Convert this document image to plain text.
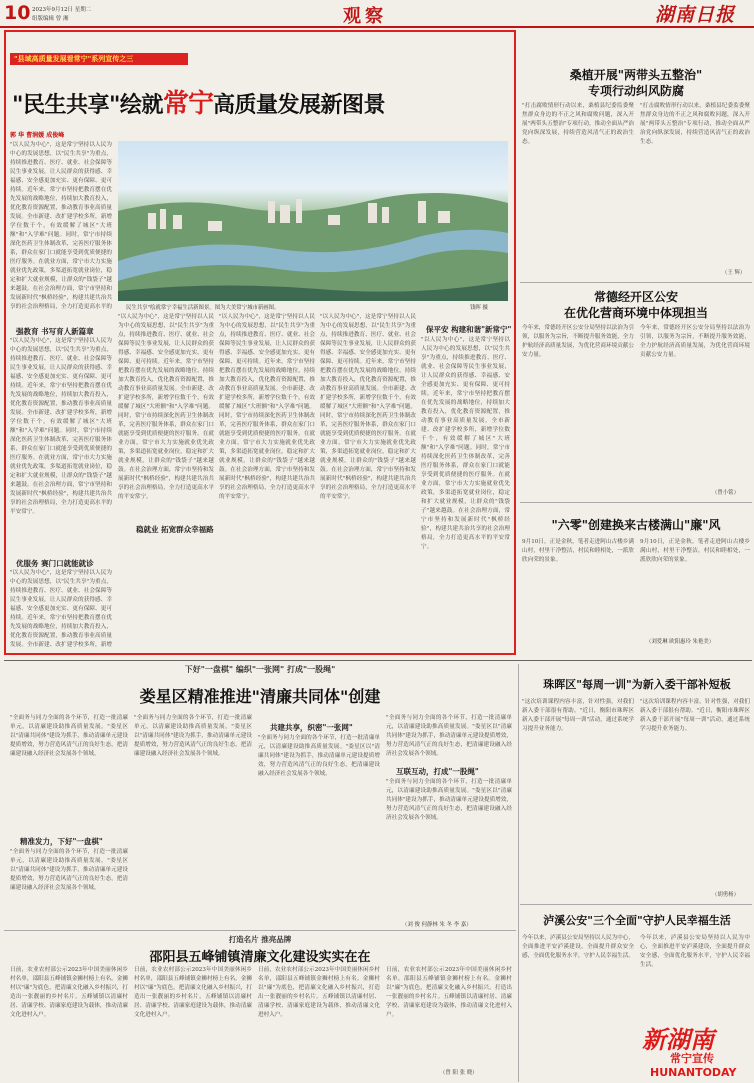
10 2023年9月12日 星期二
组版编辑 曾 湘	观察	湖南日报
"县域高质量发展看常宁"系列宣传之三
"民生共享"绘就常宁高质量发展新图景
郭 华 曹润媛 成俊峰
民生共享"绘就常宁幸福生活新图景。图为大美常宁城市新画图。	钱晖 摄
"以人民为中心"，这是常宁坚持以人民为中心的发展思想，以"民生共享"为重点，持续推进教育、医疗、就业、社会保障等民生事业发展，让人民群众的获得感、幸福感、安全感更加充实、更有保障、更可持续。近年来，常宁市坚持把教育摆在优先发展的战略地位，持续加大教育投入，优化教育资源配置，推动教育事业高质量发展。全市新建、改扩建学校多所，新增学位数千个，有效缓解了城区"大班额"和"入学难"问题。同时，常宁市持续深化医药卫生体制改革，完善医疗服务体系，群众在家门口就能享受到优质便捷的医疗服务。在就业方面，常宁市大力实施就业优先政策，多渠道拓宽就业岗位，稳定和扩大就业规模，让群众的"钱袋子"越来越鼓。在社会治理方面，常宁市坚持和发展新时代"枫桥经验"，构建共建共治共享的社会治理格局，全力打造更高水平的
强教育 书写育人新篇章
"以人民为中心"，这是常宁坚持以人民为中心的发展思想，以"民生共享"为重点，持续推进教育、医疗、就业、社会保障等民生事业发展，让人民群众的获得感、幸福感、安全感更加充实、更有保障、更可持续。近年来，常宁市坚持把教育摆在优先发展的战略地位，持续加大教育投入，优化教育资源配置，推动教育事业高质量发展。全市新建、改扩建学校多所，新增学位数千个，有效缓解了城区"大班额"和"入学难"问题。同时，常宁市持续深化医药卫生体制改革，完善医疗服务体系，群众在家门口就能享受到优质便捷的医疗服务。在就业方面，常宁市大力实施就业优先政策，多渠道拓宽就业岗位，稳定和扩大就业规模，让群众的"钱袋子"越来越鼓。在社会治理方面，常宁市坚持和发展新时代"枫桥经验"，构建共建共治共享的社会治理格局，全力打造更高水平的平安常宁。
优服务 赛门口就能就诊
"以人民为中心"，这是常宁坚持以人民为中心的发展思想，以"民生共享"为重点，持续推进教育、医疗、就业、社会保障等民生事业发展，让人民群众的获得感、幸福感、安全感更加充实、更有保障、更可持续。近年来，常宁市坚持把教育摆在优先发展的战略地位，持续加大教育投入，优化教育资源配置，推动教育事业高质量发展。全市新建、改扩建学校多所，新增
"以人民为中心"，这是常宁坚持以人民为中心的发展思想，以"民生共享"为重点，持续推进教育、医疗、就业、社会保障等民生事业发展，让人民群众的获得感、幸福感、安全感更加充实、更有保障、更可持续。近年来，常宁市坚持把教育摆在优先发展的战略地位，持续加大教育投入，优化教育资源配置，推动教育事业高质量发展。全市新建、改扩建学校多所，新增学位数千个，有效缓解了城区"大班额"和"入学难"问题。同时，常宁市持续深化医药卫生体制改革，完善医疗服务体系，群众在家门口就能享受到优质便捷的医疗服务。在就业方面，常宁市大力实施就业优先政策，多渠道拓宽就业岗位，稳定和扩大就业规模，让群众的"钱袋子"越来越鼓。在社会治理方面，常宁市坚持和发展新时代"枫桥经验"，构建共建共治共享的社会治理格局，全力打造更高水平的平安常宁。
"以人民为中心"，这是常宁坚持以人民为中心的发展思想，以"民生共享"为重点，持续推进教育、医疗、就业、社会保障等民生事业发展，让人民群众的获得感、幸福感、安全感更加充实、更有保障、更可持续。近年来，常宁市坚持把教育摆在优先发展的战略地位，持续加大教育投入，优化教育资源配置，推动教育事业高质量发展。全市新建、改扩建学校多所，新增学位数千个，有效缓解了城区"大班额"和"入学难"问题。同时，常宁市持续深化医药卫生体制改革，完善医疗服务体系，群众在家门口就能享受到优质便捷的医疗服务。在就业方面，常宁市大力实施就业优先政策，多渠道拓宽就业岗位，稳定和扩大就业规模，让群众的"钱袋子"越来越鼓。在社会治理方面，常宁市坚持和发展新时代"枫桥经验"，构建共建共治共享的社会治理格局，全力打造更高水平的平安常宁。
稳就业 拓宽群众幸福路
"以人民为中心"，这是常宁坚持以人民为中心的发展思想，以"民生共享"为重点，持续推进教育、医疗、就业、社会保障等民生事业发展，让人民群众的获得感、幸福感、安全感更加充实、更有保障、更可持续。近年来，常宁市坚持把教育摆在优先发展的战略地位，持续加大教育投入，优化教育资源配置，推动教育事业高质量发展。全市新建、改扩建学校多所，新增学位数千个，有效缓解了城区"大班额"和"入学难"问题。同时，常宁市持续深化医药卫生体制改革，完善医疗服务体系，群众在家门口就能享受到优质便捷的医疗服务。在就业方面，常宁市大力实施就业优先政策，多渠道拓宽就业岗位，稳定和扩大就业规模，让群众的"钱袋子"越来越鼓。在社会治理方面，常宁市坚持和发展新时代"枫桥经验"，构建共建共治共享的社会治理格局，全力打造更高水平的平安常宁。
保平安 构建和谐"新常宁"
"以人民为中心"，这是常宁坚持以人民为中心的发展思想，以"民生共享"为重点，持续推进教育、医疗、就业、社会保障等民生事业发展，让人民群众的获得感、幸福感、安全感更加充实、更有保障、更可持续。近年来，常宁市坚持把教育摆在优先发展的战略地位，持续加大教育投入，优化教育资源配置，推动教育事业高质量发展。全市新建、改扩建学校多所，新增学位数千个，有效缓解了城区"大班额"和"入学难"问题。同时，常宁市持续深化医药卫生体制改革，完善医疗服务体系，群众在家门口就能享受到优质便捷的医疗服务。在就业方面，常宁市大力实施就业优先政策，多渠道拓宽就业岗位，稳定和扩大就业规模，让群众的"钱袋子"越来越鼓。在社会治理方面，常宁市坚持和发展新时代"枫桥经验"，构建共建共治共享的社会治理格局，全力打造更高水平的平安常宁。
桑植开展"两带头五整治"
专项行动纠风防腐
"打击腐败情形行动以来，桑植县纪委监委聚焦群众身边的不正之风和腐败问题，深入开展"两带头五整治"专项行动，推动全面从严治党向纵深发展，持续营造风清气正的政治生态。
"打击腐败情形行动以来，桑植县纪委监委聚焦群众身边的不正之风和腐败问题，深入开展"两带头五整治"专项行动，推动全面从严治党向纵深发展，持续营造风清气正的政治生态。
（王 辉）
常德经开区公安
在优化营商环境中体现担当
今年来，常德经开区公安分局坚持以法治为引领，以服务为宗旨，不断提升服务效能，全力护航经济高质量发展，为优化营商环境贡献公安力量。
今年来，常德经开区公安分局坚持以法治为引领，以服务为宗旨，不断提升服务效能，全力护航经济高质量发展，为优化营商环境贡献公安力量。
（曾小铭）
"六零"创建换来古楼满山"廉"风
9月10日，正是金秋，笔者走进阿山古楼乡满山村，村里干净整洁，村民和睦相处，一派欣欣向荣的景象。
9月10日，正是金秋，笔者走进阿山古楼乡满山村，村里干净整洁，村民和睦相处，一派欣欣向荣的景象。
（刘爱琳 欧阳惠玲 朱艳美）
下好"一盘棋" 编织"一张网" 打成"一股绳"
娄星区精准推进"清廉共同体"创建
"全面务与同力全面的各个环节，打造一批清廉单元，以清廉建设助推高质量发展。"娄星区以"清廉共同体"建设为抓手，推动清廉单元建设提质增效，努力营造风清气正的良好生态，把清廉建设融入经济社会发展各个领域。
精准发力，下好"一盘棋"
"全面务与同力全面的各个环节，打造一批清廉单元，以清廉建设助推高质量发展。"娄星区以"清廉共同体"建设为抓手，推动清廉单元建设提质增效，努力营造风清气正的良好生态，把清廉建设融入经济社会发展各个领域。
"全面务与同力全面的各个环节，打造一批清廉单元，以清廉建设助推高质量发展。"娄星区以"清廉共同体"建设为抓手，推动清廉单元建设提质增效，努力营造风清气正的良好生态，把清廉建设融入经济社会发展各个领域。
共建共享，织密"一张网"
"全面务与同力全面的各个环节，打造一批清廉单元，以清廉建设助推高质量发展。"娄星区以"清廉共同体"建设为抓手，推动清廉单元建设提质增效，努力营造风清气正的良好生态，把清廉建设融入经济社会发展各个领域。	互联互动，打成"一股绳"
"全面务与同力全面的各个环节，打造一批清廉单元，以清廉建设助推高质量发展。"娄星区以"清廉共同体"建设为抓手，推动清廉单元建设提质增效，努力营造风清气正的良好生态，把清廉建设融入经济社会发展各个领域。
"全面务与同力全面的各个环节，打造一批清廉单元，以清廉建设助推高质量发展。"娄星区以"清廉共同体"建设为抓手，推动清廉单元建设提质增效，努力营造风清气正的良好生态，把清廉建设融入经济社会发展各个领域。
（刘 俊 何静林 朱 冬 李 嘉）
珠晖区"每周一训"为新入委干部补短板
"这次培训课程内容丰富，针对性强，对我们新入委干部很有帮助。"近日，衡阳市珠晖区新入委干部开展"每周一训"活动，通过系统学习提升业务能力。
"这次培训课程内容丰富，针对性强，对我们新入委干部很有帮助。"近日，衡阳市珠晖区新入委干部开展"每周一训"活动，通过系统学习提升业务能力。
（胡勇杨）
泸溪公安"三个全面"守护人民幸福生活
今年以来，泸溪县公安局坚持以人民为中心，全面推进平安泸溪建设，全面提升群众安全感，全面优化服务水平，守护人民幸福生活。
今年以来，泸溪县公安局坚持以人民为中心，全面推进平安泸溪建设，全面提升群众安全感，全面优化服务水平，守护人民幸福生活。
打造名片 推亮品牌
邵阳县五峰铺镇清廉文化建设实实在在
日前，农业农村部公示2023年中国美丽休闲乡村名单，邵阳县五峰铺镇金狮村榜上有名。金狮村以"廉"为底色，把清廉文化融入乡村振兴，打造出一张靓丽的乡村名片。五峰铺镇以清廉村居、清廉学校、清廉家庭建设为载体，推动清廉文化进村入户。
日前，农业农村部公示2023年中国美丽休闲乡村名单，邵阳县五峰铺镇金狮村榜上有名。金狮村以"廉"为底色，把清廉文化融入乡村振兴，打造出一张靓丽的乡村名片。五峰铺镇以清廉村居、清廉学校、清廉家庭建设为载体，推动清廉文化进村入户。
日前，农业农村部公示2023年中国美丽休闲乡村名单，邵阳县五峰铺镇金狮村榜上有名。金狮村以"廉"为底色，把清廉文化融入乡村振兴，打造出一张靓丽的乡村名片。五峰铺镇以清廉村居、清廉学校、清廉家庭建设为载体，推动清廉文化进村入户。
日前，农业农村部公示2023年中国美丽休闲乡村名单，邵阳县五峰铺镇金狮村榜上有名。金狮村以"廉"为底色，把清廉文化融入乡村振兴，打造出一张靓丽的乡村名片。五峰铺镇以清廉村居、清廉学校、清廉家庭建设为载体，推动清廉文化进村入户。
（曾 阳 张 晓）
新湖南
常宁宣传
HUNANTODAY
